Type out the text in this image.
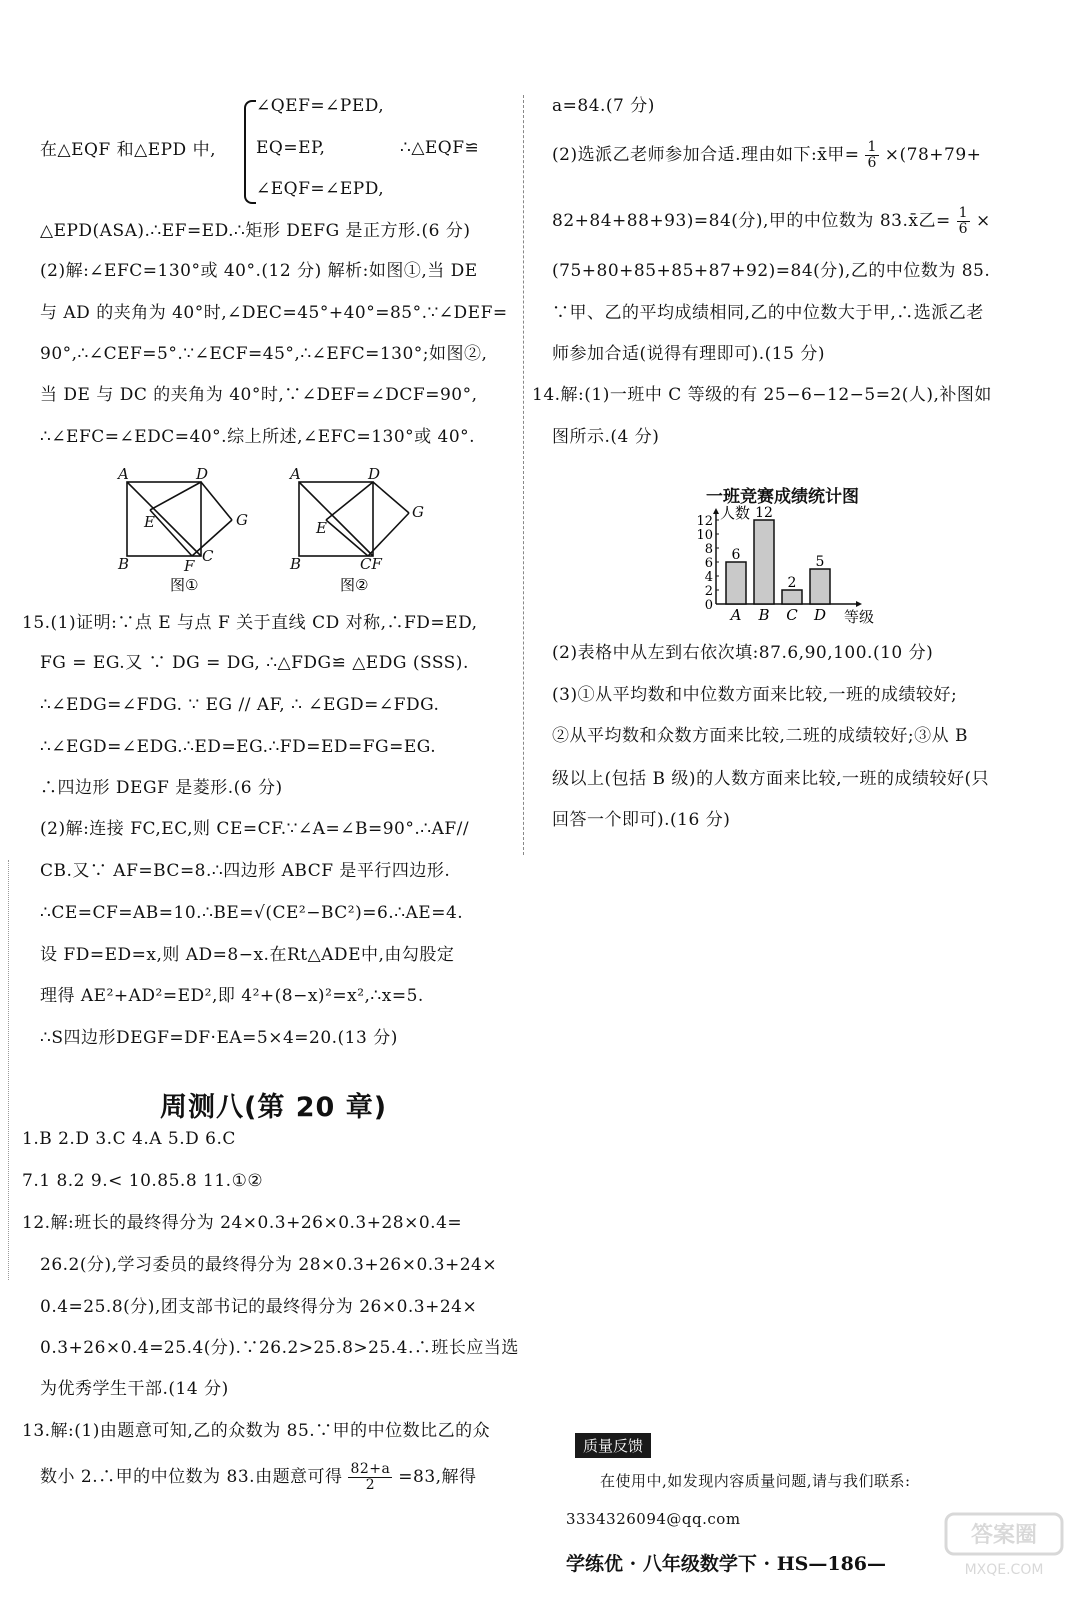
在△EQF 和△EPD 中,
∠QEF=∠PED,
EQ=EP,
∠EQF=∠EPD,
∴△EQF≌
△EPD(ASA).∴EF=ED.∴矩形 DEFG 是正方形.(6 分)
(2)解:∠EFC=130°或 40°.(12 分) 解析:如图①,当 DE
与 AD 的夹角为 40°时,∠DEC=45°+40°=85°.∵∠DEF=
90°,∴∠CEF=5°.∵∠ECF=45°,∴∠EFC=130°;如图②,
当 DE 与 DC 的夹角为 40°时,∵∠DEF=∠DCF=90°,
∴∠EFC=∠EDC=40°.综上所述,∠EFC=130°或 40°.
A	D
E	G
B	C
F
图①
A	D
E
G
B	CF
图②
15.(1)证明:∵点 E 与点 F 关于直线 CD 对称,∴FD=ED,
FG = EG.又 ∵ DG = DG, ∴△FDG≌ △EDG (SSS).
∴∠EDG=∠FDG. ∵ EG // AF, ∴ ∠EGD=∠FDG.
∴∠EGD=∠EDG.∴ED=EG.∴FD=ED=FG=EG.
∴四边形 DEGF 是菱形.(6 分)
(2)解:连接 FC,EC,则 CE=CF.∵∠A=∠B=90°.∴AF//
CB.又∵ AF=BC=8.∴四边形 ABCF 是平行四边形.
∴CE=CF=AB=10.∴BE=√(CE²−BC²)=6.∴AE=4.
设 FD=ED=x,则 AD=8−x.在Rt△ADE中,由勾股定
理得 AE²+AD²=ED²,即 4²+(8−x)²=x²,∴x=5.
∴S四边形DEGF=DF·EA=5×4=20.(13 分)
周测八(第 20 章)
1.B 2.D 3.C 4.A 5.D 6.C
7.1 8.2 9.< 10.85.8 11.①②
12.解:班长的最终得分为 24×0.3+26×0.3+28×0.4=
26.2(分),学习委员的最终得分为 28×0.3+26×0.3+24×
0.4=25.8(分),团支部书记的最终得分为 26×0.3+24×
0.3+26×0.4=25.4(分).∵26.2>25.8>25.4.∴班长应当选
为优秀学生干部.(14 分)
13.解:(1)由题意可知,乙的众数为 85.∵甲的中位数比乙的众
数小 2.∴甲的中位数为 83.由题意可得 $\frac{82+a}{2} =83$,解得
a=84.(7 分)
(2)选派乙老师参加合适.理由如下:x̄甲= $\frac{1}{6} \times(78+79+$
82+84+88+93)=84(分),甲的中位数为 83.x̄乙= $\frac{1}{6}$ ×
(75+80+85+85+87+92)=84(分),乙的中位数为 85.
∵甲、乙的平均成绩相同,乙的中位数大于甲,∴选派乙老
师参加合适(说得有理即可).(15 分)
14.解:(1)一班中 C 等级的有 25−6−12−5=2(人),补图如
图所示.(4 分)
一班竞赛成绩统计图
0
2
4
6
8
10
12 人数
6
A
12
B
2
C
5
D 等级
(2)表格中从左到右依次填:87.6,90,100.(10 分)
(3)①从平均数和中位数方面来比较,一班的成绩较好;
②从平均数和众数方面来比较,二班的成绩较好;③从 B
级以上(包括 B 级)的人数方面来比较,一班的成绩较好(只
回答一个即可).(16 分)
质量反馈
在使用中,如发现内容质量问题,请与我们联系:
3334326094@qq.com
学练优 · 八年级数学下 · HS—186—
答案圈
MXQE.COM
